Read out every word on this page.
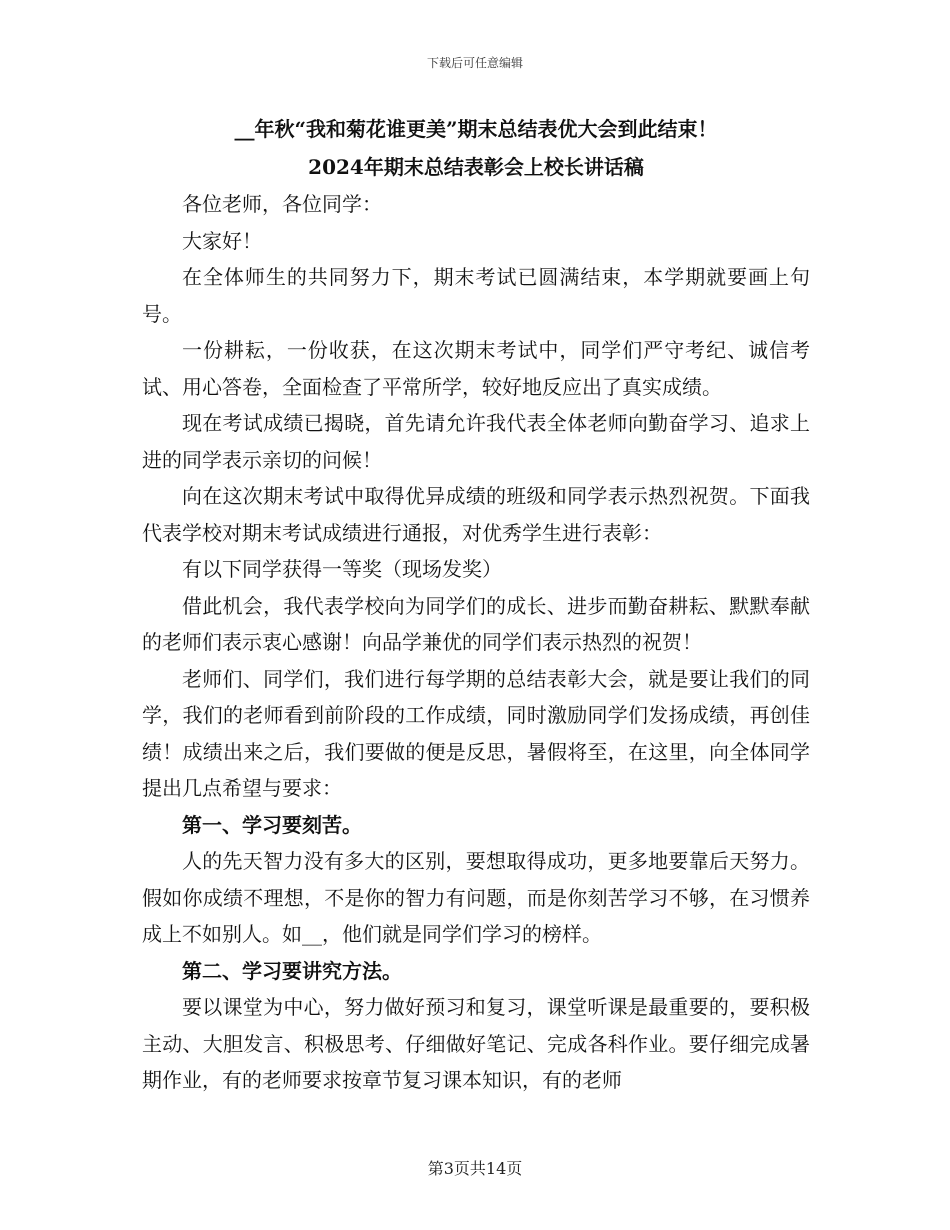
下载后可任意编辑
__年秋“我和菊花谁更美”期末总结表优大会到此结束！
2024年期末总结表彰会上校长讲话稿

各位老师，各位同学：

大家好！

在全体师生的共同努力下，期末考试已圆满结束，本学期就要画上句号。

一份耕耘，一份收获，在这次期末考试中，同学们严守考纪、诚信考试、用心答卷，全面检查了平常所学，较好地反应出了真实成绩。

现在考试成绩已揭晓，首先请允许我代表全体老师向勤奋学习、追求上进的同学表示亲切的问候！

向在这次期末考试中取得优异成绩的班级和同学表示热烈祝贺。下面我代表学校对期末考试成绩进行通报，对优秀学生进行表彰：

有以下同学获得一等奖（现场发奖）

借此机会，我代表学校向为同学们的成长、进步而勤奋耕耘、默默奉献的老师们表示衷心感谢！向品学兼优的同学们表示热烈的祝贺！

老师们、同学们，我们进行每学期的总结表彰大会，就是要让我们的同学，我们的老师看到前阶段的工作成绩，同时激励同学们发扬成绩，再创佳绩！成绩出来之后，我们要做的便是反思，暑假将至，在这里，向全体同学提出几点希望与要求：

第一、学习要刻苦。

人的先天智力没有多大的区别，要想取得成功，更多地要靠后天努力。假如你成绩不理想，不是你的智力有问题，而是你刻苦学习不够，在习惯养成上不如别人。如__，他们就是同学们学习的榜样。

第二、学习要讲究方法。

要以课堂为中心，努力做好预习和复习，课堂听课是最重要的，要积极主动、大胆发言、积极思考、仔细做好笔记、完成各科作业。要仔细完成暑期作业，有的老师要求按章节复习课本知识，有的老师

第3页共14页
